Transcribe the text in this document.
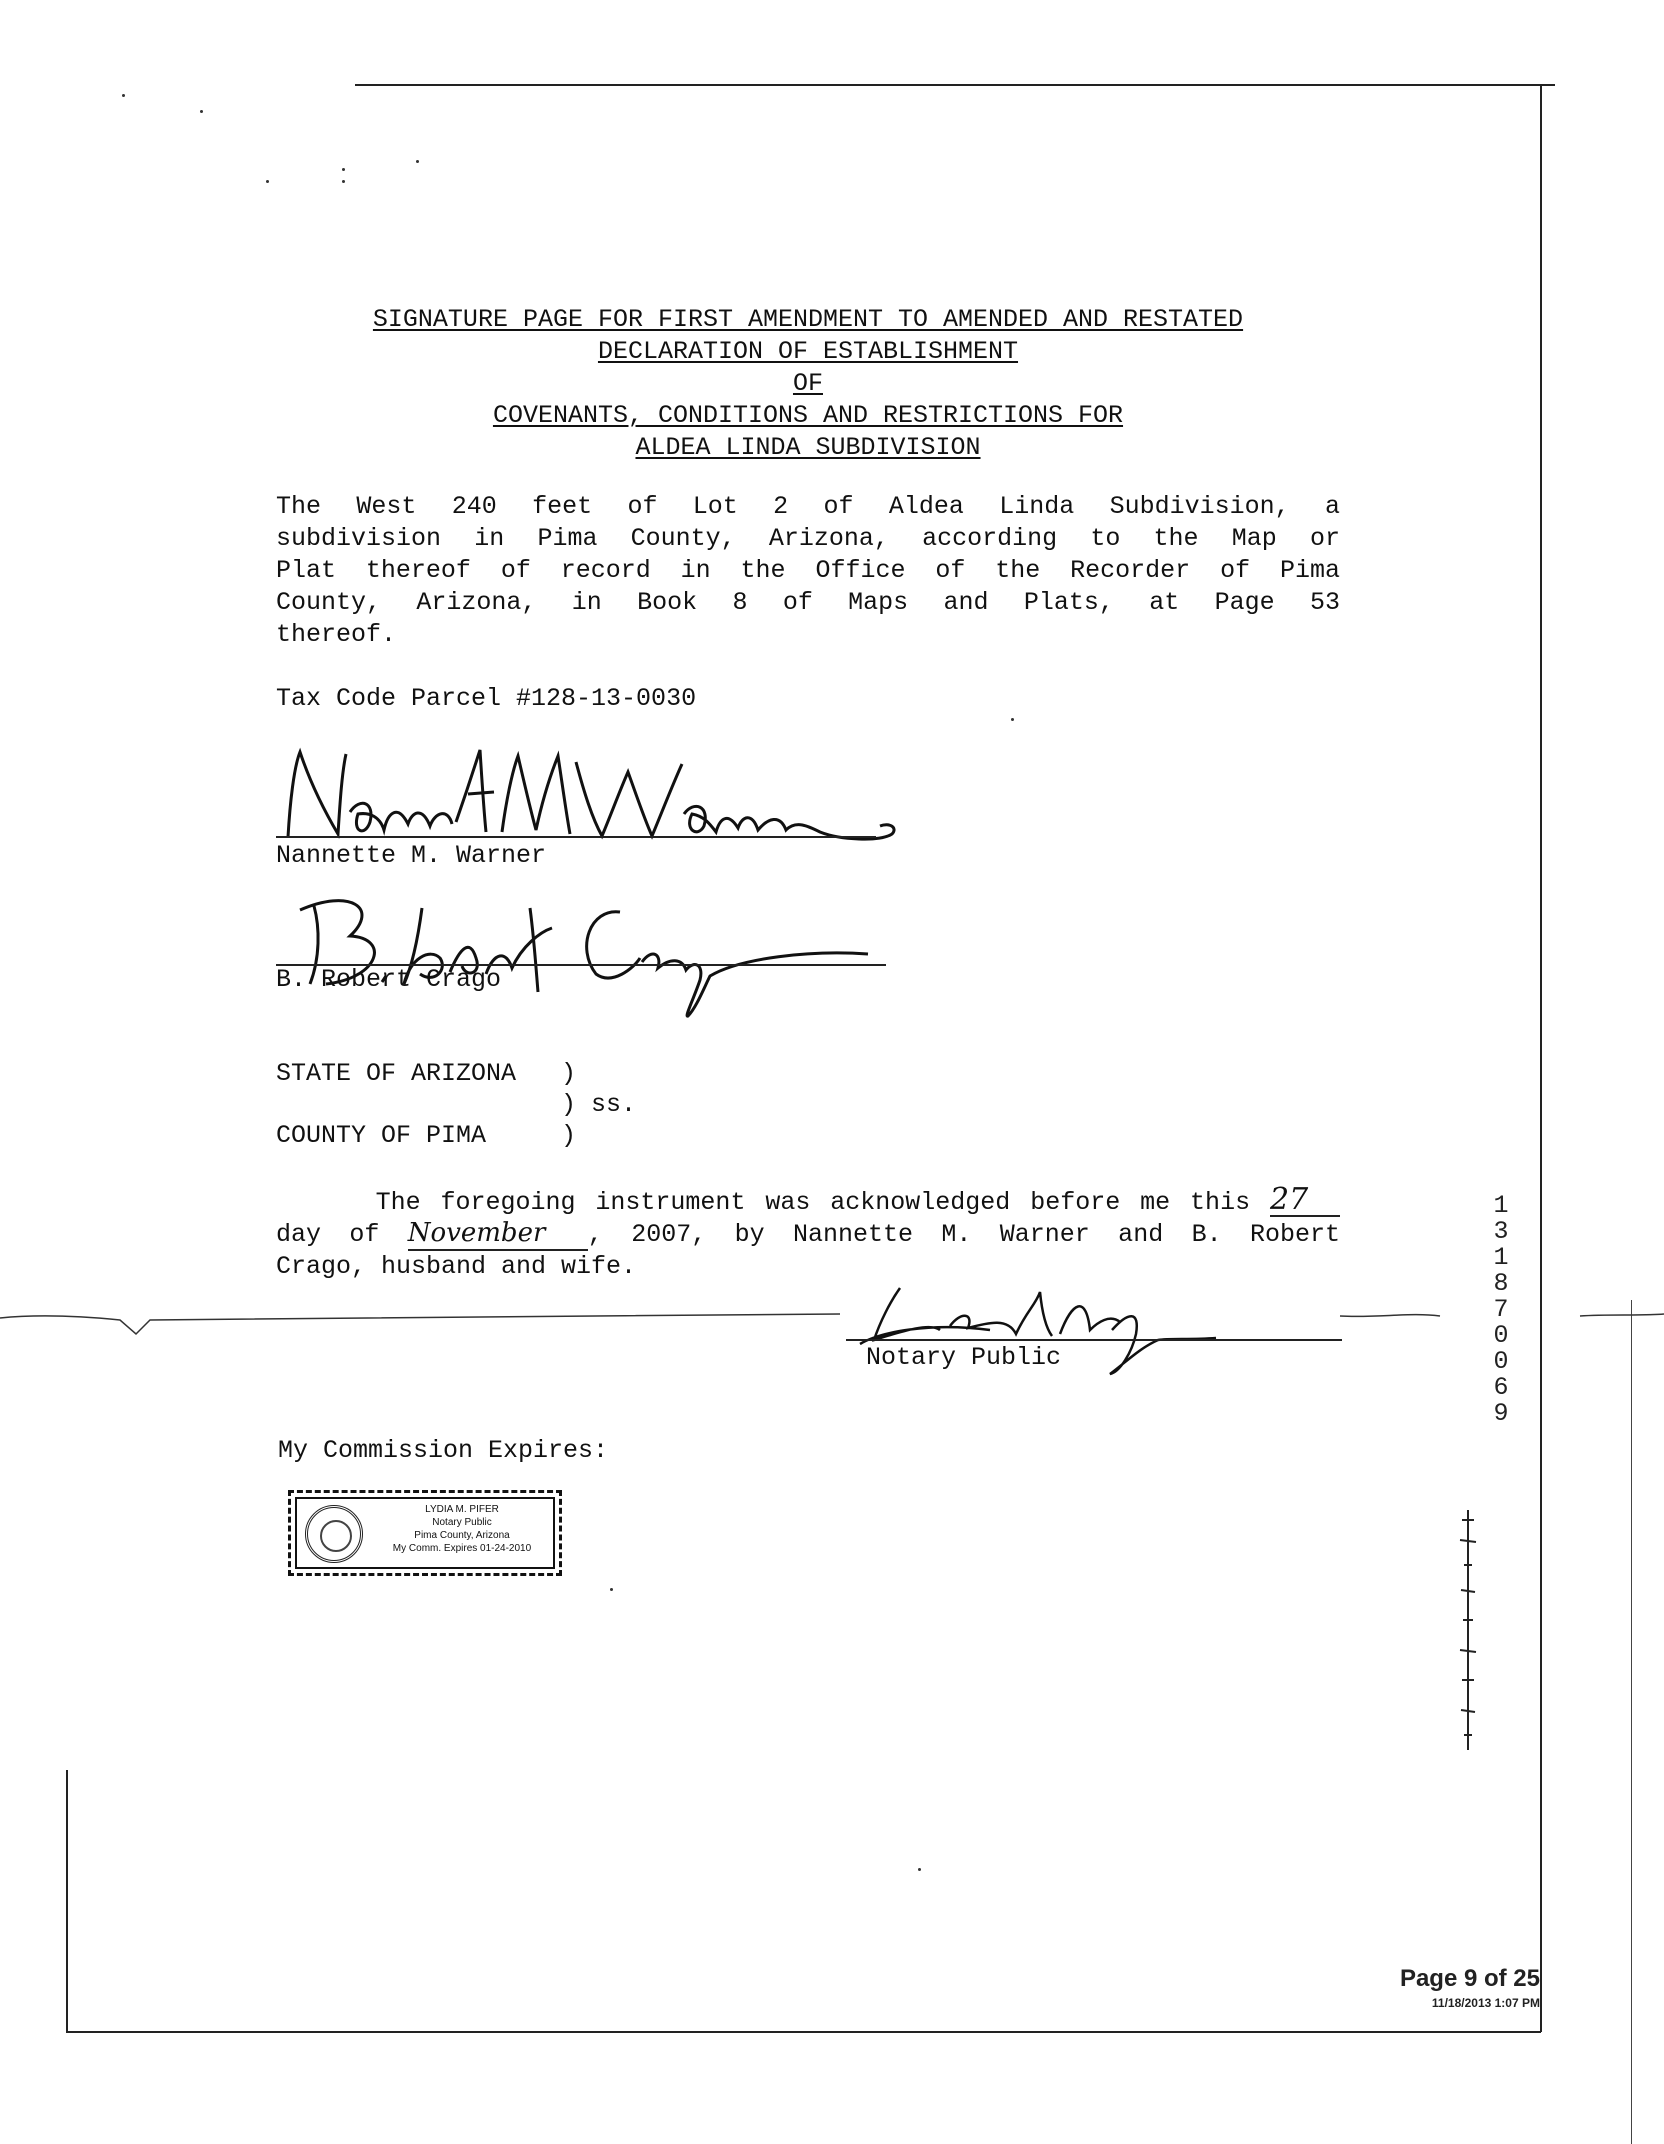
SIGNATURE PAGE FOR FIRST AMENDMENT TO AMENDED AND RESTATED
DECLARATION OF ESTABLISHMENT
OF
COVENANTS, CONDITIONS AND RESTRICTIONS FOR
ALDEA LINDA SUBDIVISION
The West 240 feet of Lot 2 of Aldea Linda Subdivision, a
subdivision in Pima County, Arizona, according to the Map or
Plat thereof of record in the Office of the Recorder of Pima
County, Arizona, in Book 8 of Maps and Plats, at Page 53
thereof.
Tax Code Parcel #128-13-0030
Nannette M. Warner
B. Robert Crago
STATE OF ARIZONA   )
) ss.
COUNTY OF PIMA     )
The foregoing instrument was acknowledged before me this 27
day of November , 2007, by Nannette M. Warner and B. Robert
Crago, husband and wife.
Notary Public
My Commission Expires:
LYDIA M. PIFER
Notary Public
Pima County, Arizona
My Comm. Expires 01-24-2010
1
3
1
8
7
0
0
6
9
Page 9 of 25
11/18/2013 1:07 PM
